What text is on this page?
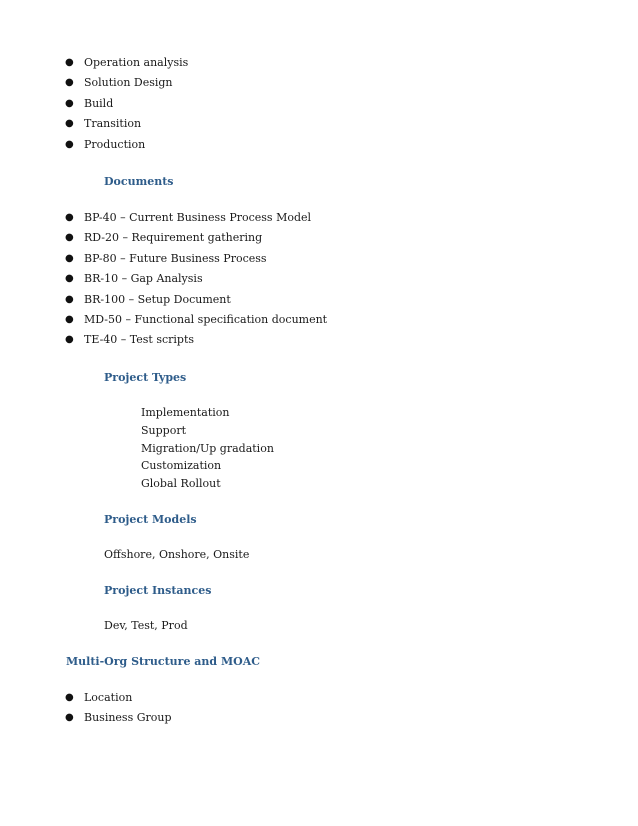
● Operation analysis
● Solution Design
● Build
● Transition
● Production
Documents
● BP-40 – Current Business Process Model
● RD-20 – Requirement gathering
● BP-80 – Future Business Process
● BR-10 – Gap Analysis
● BR-100 – Setup Document
● MD-50 – Functional specification document
● TE-40 – Test scripts
Project Types
Implementation
Support
Migration/Up gradation
Customization
Global Rollout
Project Models
Offshore, Onshore, Onsite
Project Instances
Dev, Test, Prod
Multi-Org Structure and MOAC
● Location
● Business Group
